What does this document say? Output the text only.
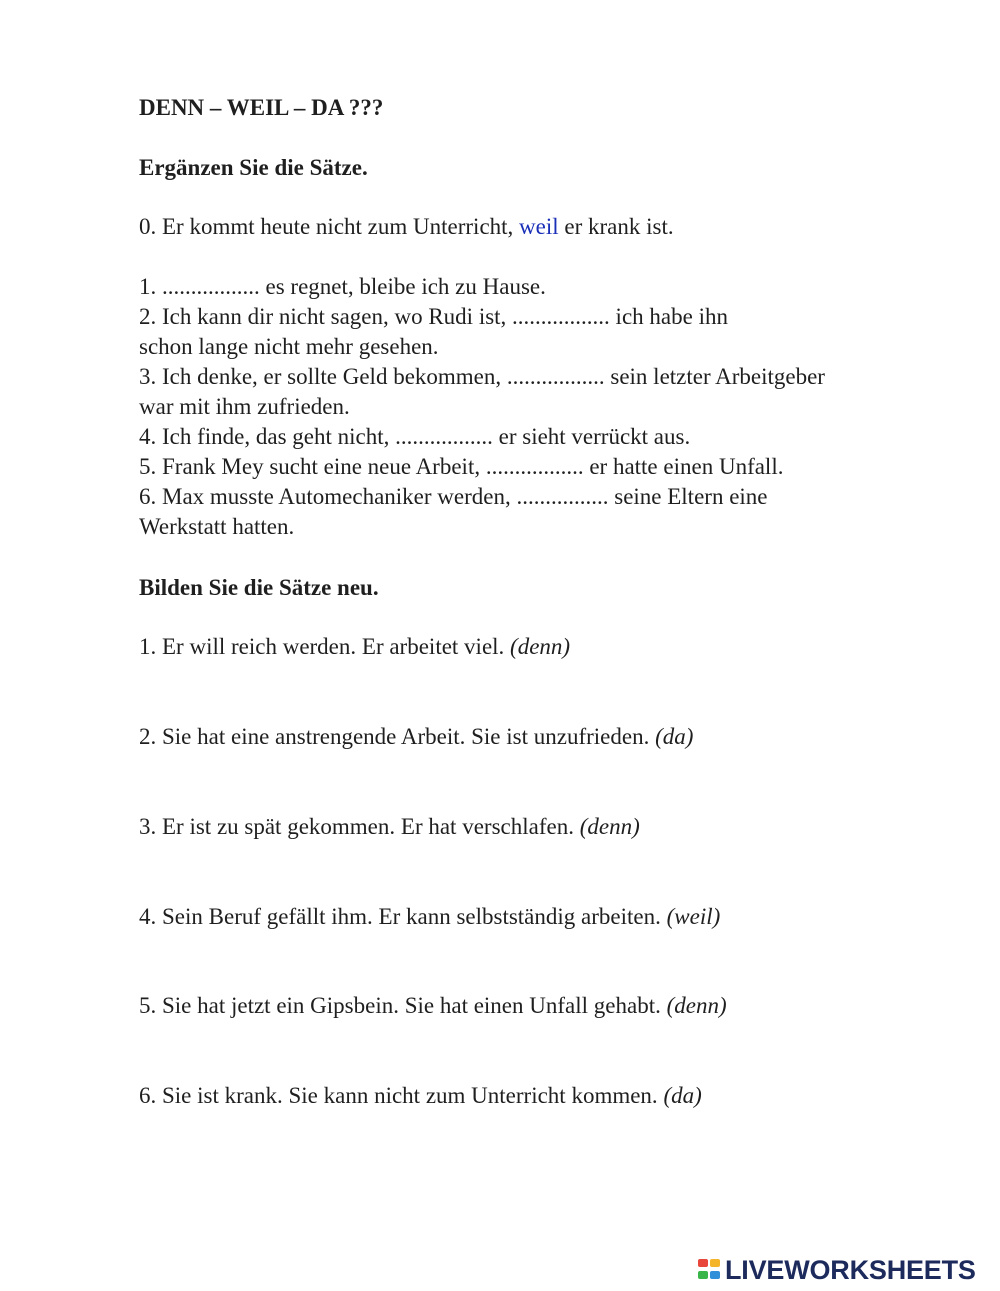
DENN – WEIL – DA ???
Ergänzen Sie die Sätze.
0. Er kommt heute nicht zum Unterricht, weil er krank ist.
1. ................. es regnet, bleibe ich zu Hause.
2. Ich kann dir nicht sagen, wo Rudi ist, ................. ich habe ihn
schon lange nicht mehr gesehen.
3. Ich denke, er sollte Geld bekommen, ................. sein letzter Arbeitgeber
war mit ihm zufrieden.
4. Ich finde, das geht nicht, ................. er sieht verrückt aus.
5. Frank Mey sucht eine neue Arbeit, ................. er hatte einen Unfall.
6. Max musste Automechaniker werden, ................ seine Eltern eine
Werkstatt hatten.
Bilden Sie die Sätze neu.
1. Er will reich werden. Er arbeitet viel. (denn)
2. Sie hat eine anstrengende Arbeit. Sie ist unzufrieden. (da)
3. Er ist zu spät gekommen. Er hat verschlafen. (denn)
4. Sein Beruf gefällt ihm. Er kann selbstständig arbeiten. (weil)
5. Sie hat jetzt ein Gipsbein. Sie hat einen Unfall gehabt. (denn)
6. Sie ist krank. Sie kann nicht zum Unterricht kommen. (da)
LIVEWORKSHEETS
